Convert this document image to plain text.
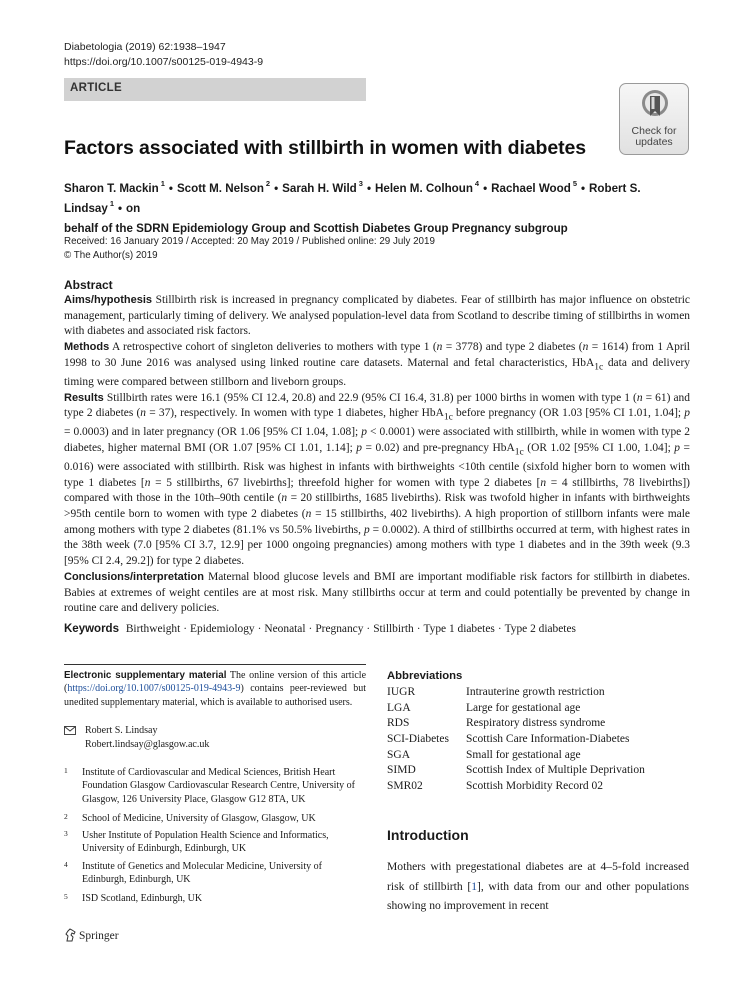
Diabetologia (2019) 62:1938–1947
https://doi.org/10.1007/s00125-019-4943-9
ARTICLE
Check for
updates
Factors associated with stillbirth in women with diabetes
Sharon T. Mackin $^1$ • Scott M. Nelson $^2$ • Sarah H. Wild $^3$ • Helen M. Colhoun $^4$ • Rachael Wood $^5$ • Robert S. Lindsay $^1$ • on
behalf of the SDRN Epidemiology Group and Scottish Diabetes Group Pregnancy subgroup
Received: 16 January 2019 / Accepted: 20 May 2019 / Published online: 29 July 2019
© The Author(s) 2019
Abstract

Aims/hypothesis Stillbirth risk is increased in pregnancy complicated by diabetes. Fear of stillbirth has major influence on obstetric management, particularly timing of delivery. We analysed population-level data from Scotland to describe timing of stillbirths in women with diabetes and associated risk factors.

Methods A retrospective cohort of singleton deliveries to mothers with type 1 (n = 3778) and type 2 diabetes (n = 1614) from 1 April 1998 to 30 June 2016 was analysed using linked routine care datasets. Maternal and fetal characteristics, HbA$_{1c}$ data and delivery timing were compared between stillborn and liveborn groups.

Results Stillbirth rates were 16.1 (95% CI 12.4, 20.8) and 22.9 (95% CI 16.4, 31.8) per 1000 births in women with type 1 (n = 61) and type 2 diabetes (n = 37), respectively. In women with type 1 diabetes, higher HbA$_{1c}$ before pregnancy (OR 1.03 [95% CI 1.01, 1.04]; p = 0.0003) and in later pregnancy (OR 1.06 [95% CI 1.04, 1.08]; p < 0.0001) were associated with stillbirth, while in women with type 2 diabetes, higher maternal BMI (OR 1.07 [95% CI 1.01, 1.14]; p = 0.02) and pre-pregnancy HbA$_{1c}$ (OR 1.02 [95% CI 1.00, 1.04]; p = 0.016) were associated with stillbirth. Risk was highest in infants with birthweights <10th centile (sixfold higher born to women with type 1 diabetes [n = 5 stillbirths, 67 livebirths]; threefold higher for women with type 2 diabetes [n = 4 stillbirths, 78 livebirths]) compared with those in the 10th–90th centile (n = 20 stillbirths, 1685 livebirths). Risk was twofold higher in infants with birthweights >95th centile born to women with type 2 diabetes (n = 15 stillbirths, 402 livebirths). A high proportion of stillborn infants were male among mothers with type 2 diabetes (81.1% vs 50.5% livebirths, p = 0.0002). A third of stillbirths occurred at term, with highest rates in the 38th week (7.0 [95% CI 3.7, 12.9] per 1000 ongoing pregnancies) among mothers with type 1 diabetes and in the 39th week (9.3 [95% CI 2.4, 29.2]) for type 2 diabetes.

Conclusions/interpretation Maternal blood glucose levels and BMI are important modifiable risk factors for stillbirth in diabetes. Babies at extremes of weight centiles are at most risk. Many stillbirths occur at term and could potentially be prevented by change in routine care and delivery policies.

Keywords Birthweight · Epidemiology · Neonatal · Pregnancy · Stillbirth · Type 1 diabetes · Type 2 diabetes
Electronic supplementary material The online version of this article (https://doi.org/10.1007/s00125-019-4943-9) contains peer-reviewed but unedited supplementary material, which is available to authorised users.
Robert S. Lindsay
Robert.lindsay@glasgow.ac.uk
1 Institute of Cardiovascular and Medical Sciences, British Heart Foundation Glasgow Cardiovascular Research Centre, University of Glasgow, 126 University Place, Glasgow G12 8TA, UK
2 School of Medicine, University of Glasgow, Glasgow, UK
3 Usher Institute of Population Health Science and Informatics, University of Edinburgh, Edinburgh, UK
4 Institute of Genetics and Molecular Medicine, University of Edinburgh, Edinburgh, UK
5 ISD Scotland, Edinburgh, UK
Abbreviations
IUGR	Intrauterine growth restriction
LGA	Large for gestational age
RDS	Respiratory distress syndrome
SCI-Diabetes Scottish Care Information-Diabetes
SGA	Small for gestational age
SIMD	Scottish Index of Multiple Deprivation
SMR02	Scottish Morbidity Record 02
Introduction

Mothers with pregestational diabetes are at 4–5-fold increased risk of stillbirth [1], with data from our and other populations showing no improvement in recent

Springer
